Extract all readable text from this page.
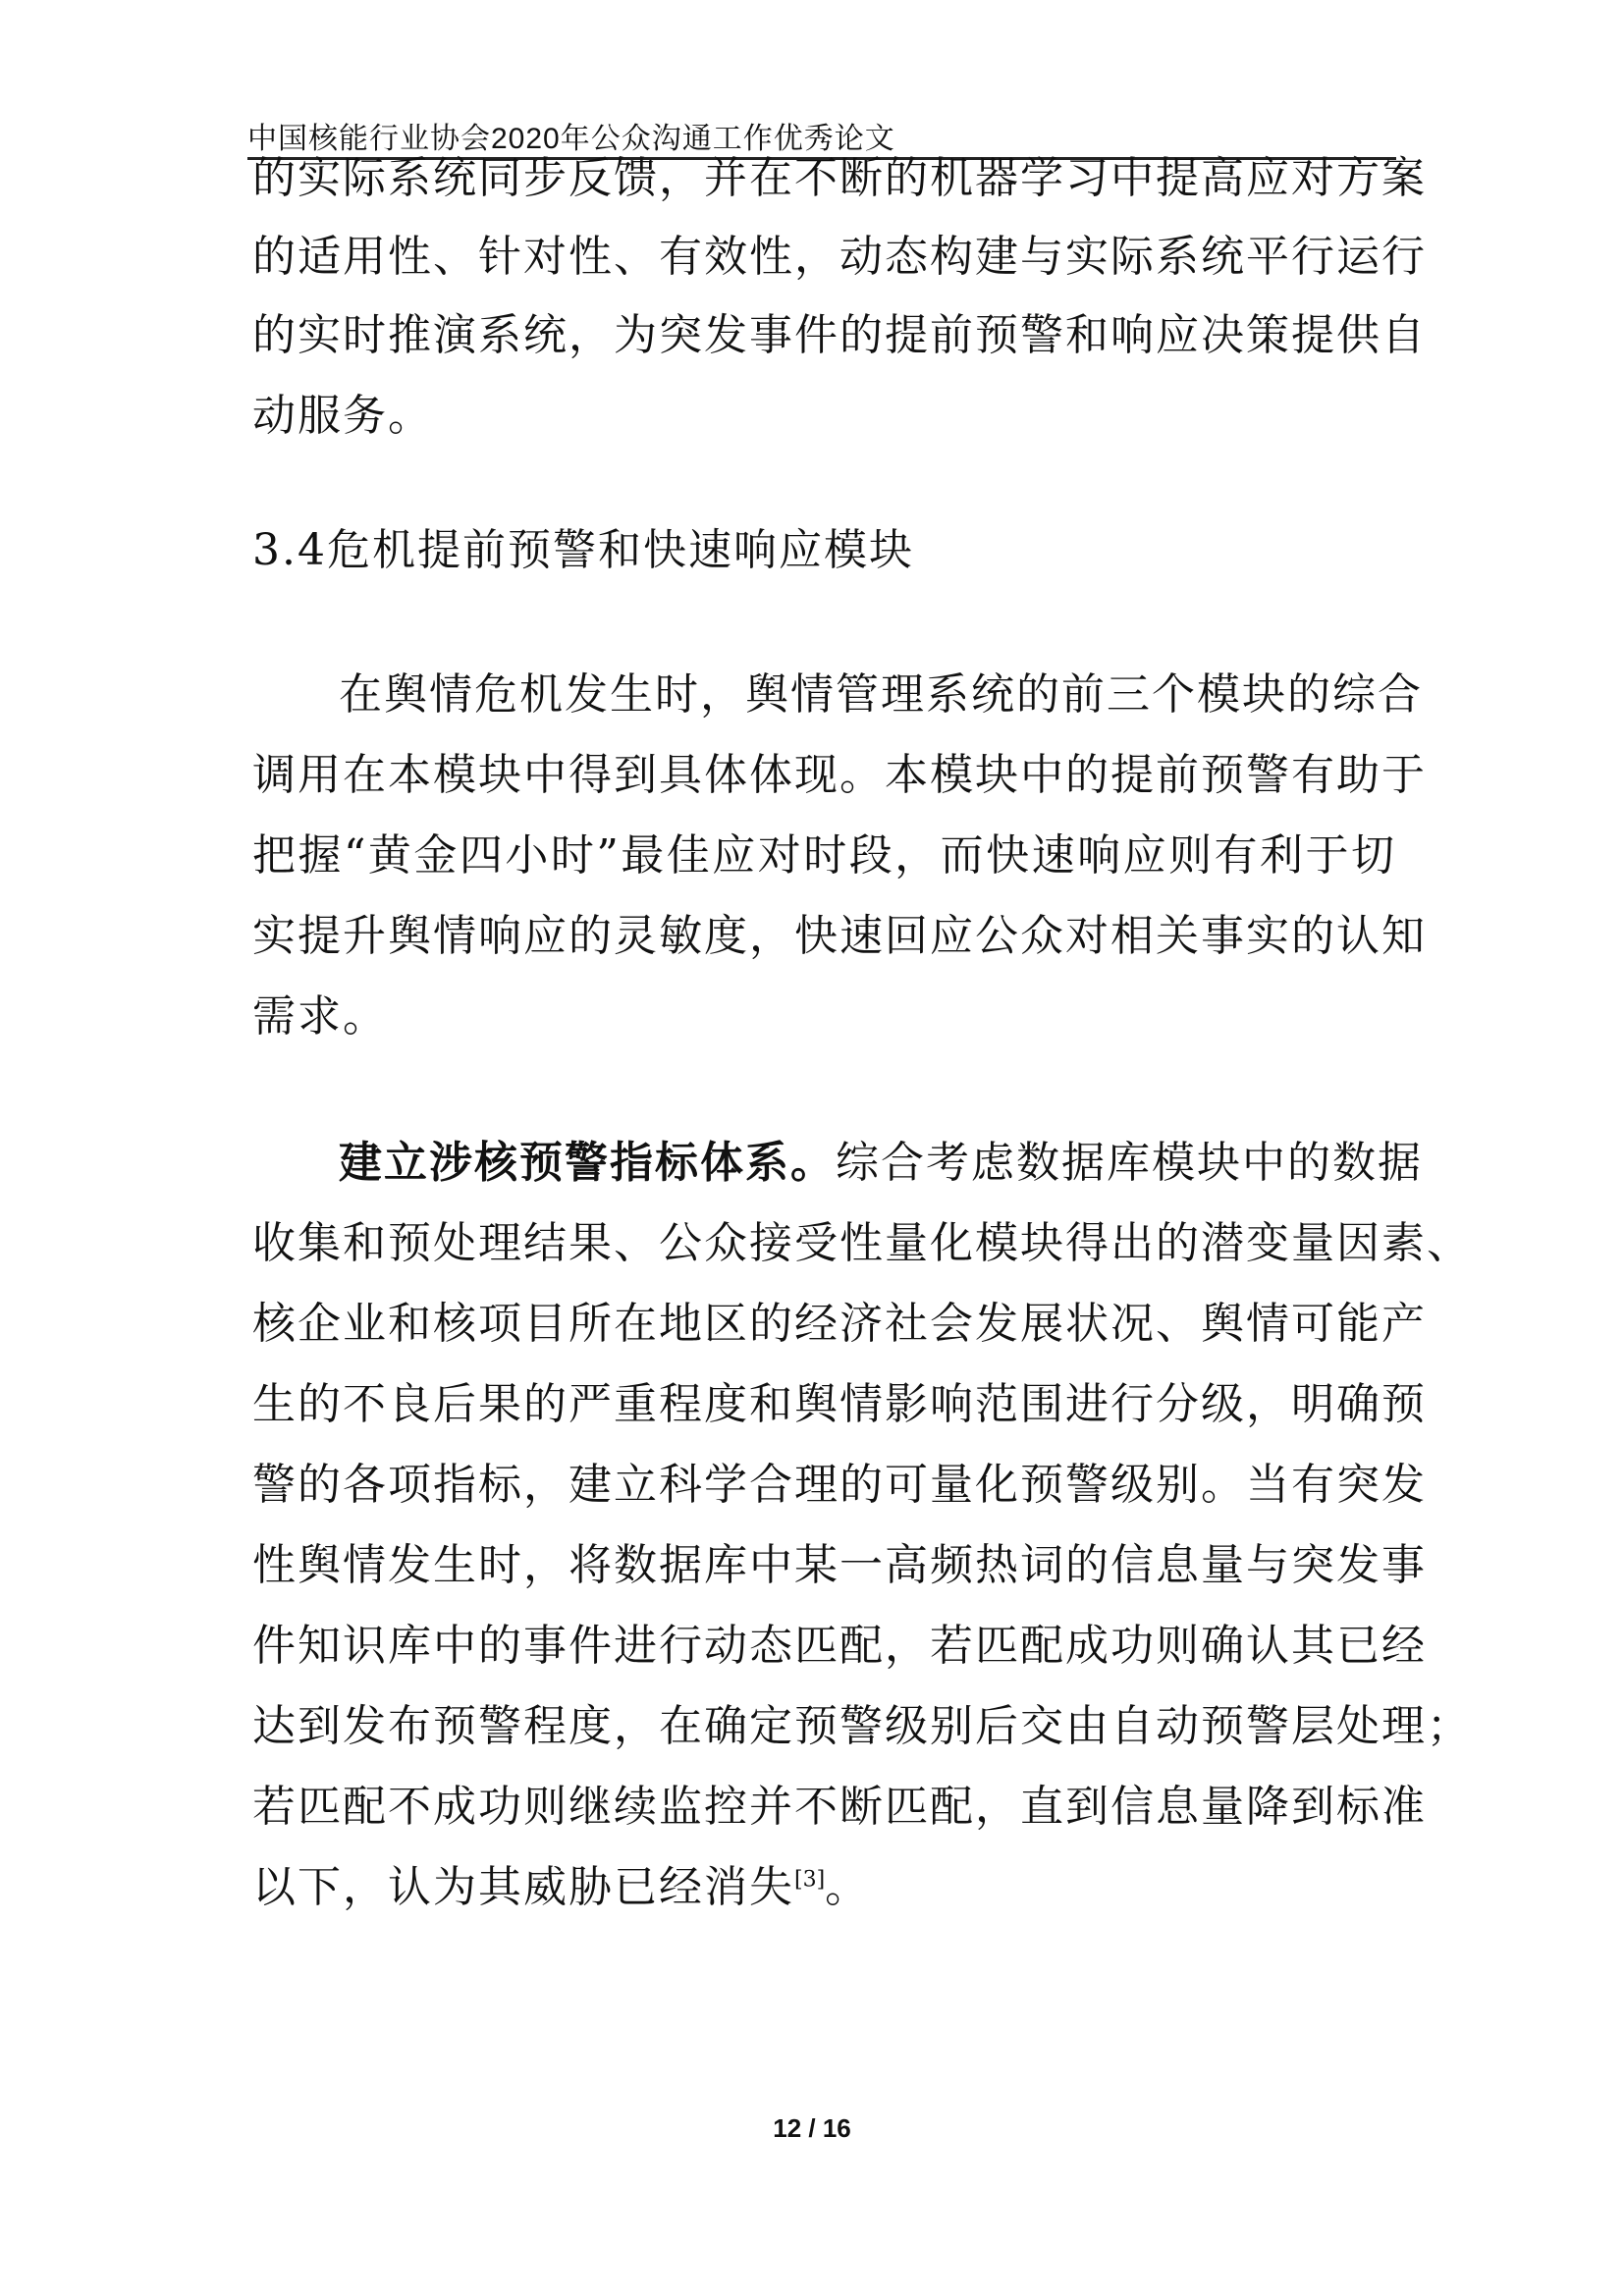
中国核能行业协会2020年公众沟通工作优秀论文
的实际系统同步反馈，并在不断的机器学习中提高应对方案
的适用性、针对性、有效性，动态构建与实际系统平行运行
的实时推演系统，为突发事件的提前预警和响应决策提供自
动服务。
3.4危机提前预警和快速响应模块
在舆情危机发生时，舆情管理系统的前三个模块的综合
调用在本模块中得到具体体现。本模块中的提前预警有助于
把握“黄金四小时”最佳应对时段，而快速响应则有利于切
实提升舆情响应的灵敏度，快速回应公众对相关事实的认知
需求。
建立涉核预警指标体系。综合考虑数据库模块中的数据
收集和预处理结果、公众接受性量化模块得出的潜变量因素、
核企业和核项目所在地区的经济社会发展状况、舆情可能产
生的不良后果的严重程度和舆情影响范围进行分级，明确预
警的各项指标，建立科学合理的可量化预警级别。当有突发
性舆情发生时，将数据库中某一高频热词的信息量与突发事
件知识库中的事件进行动态匹配，若匹配成功则确认其已经
达到发布预警程度，在确定预警级别后交由自动预警层处理；
若匹配不成功则继续监控并不断匹配，直到信息量降到标准
以下，认为其威胁已经消失[3]。
12 / 16
